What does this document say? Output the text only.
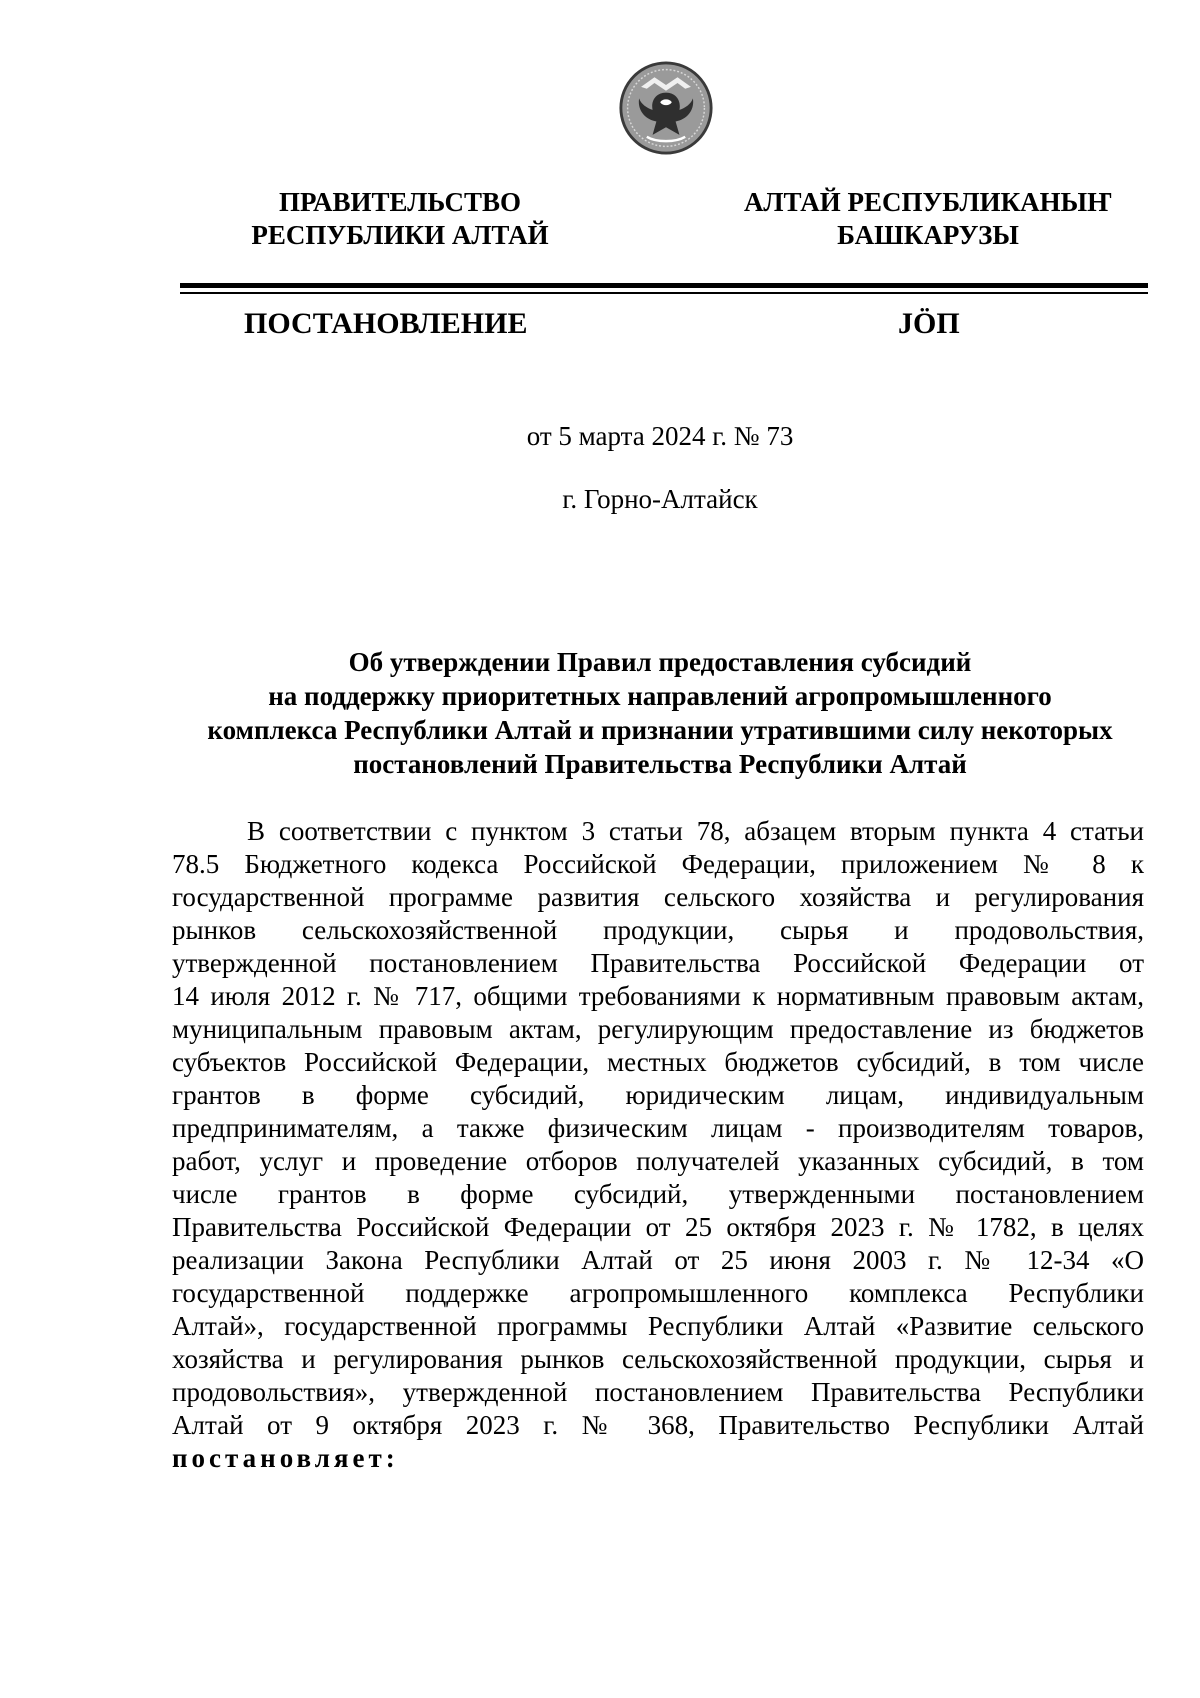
ПРАВИТЕЛЬСТВО
РЕСПУБЛИКИ АЛТАЙ
АЛТАЙ РЕСПУБЛИКАНЫҤ
БАШКАРУЗЫ
ПОСТАНОВЛЕНИЕ	JӦП
от 5 марта 2024 г. № 73
г. Горно-Алтайск
Об утверждении Правил предоставления субсидий
на поддержку приоритетных направлений агропромышленного
комплекса Республики Алтай и признании утратившими силу некоторых
постановлений Правительства Республики Алтай
В соответствии с пунктом 3 статьи 78, абзацем вторым пункта 4 статьи
78.5 Бюджетного кодекса Российской Федерации, приложением № 8 к
государственной программе развития сельского хозяйства и регулирования
рынков сельскохозяйственной продукции, сырья и продовольствия,
утвержденной постановлением Правительства Российской Федерации от
14 июля 2012 г. № 717, общими требованиями к нормативным правовым актам,
муниципальным правовым актам, регулирующим предоставление из бюджетов
субъектов Российской Федерации, местных бюджетов субсидий, в том числе
грантов в форме субсидий, юридическим лицам, индивидуальным
предпринимателям, а также физическим лицам - производителям товаров,
работ, услуг и проведение отборов получателей указанных субсидий, в том
числе грантов в форме субсидий, утвержденными постановлением
Правительства Российской Федерации от 25 октября 2023 г. № 1782, в целях
реализации Закона Республики Алтай от 25 июня 2003 г. № 12-34 «О
государственной поддержке агропромышленного комплекса Республики
Алтай», государственной программы Республики Алтай «Развитие сельского
хозяйства и регулирования рынков сельскохозяйственной продукции, сырья и
продовольствия», утвержденной постановлением Правительства Республики
Алтай от 9 октября 2023 г. № 368, Правительство Республики Алтай
постановляет:
